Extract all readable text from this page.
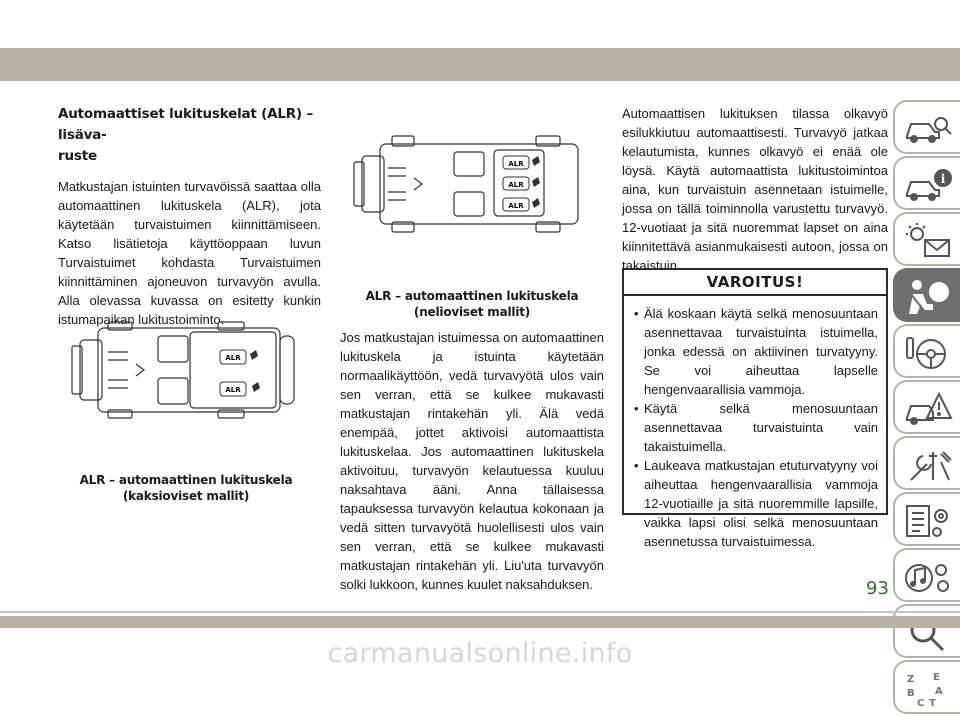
Automaattiset lukituskelat (ALR) – lisäva-
ruste

Matkustajan istuinten turvavöissä saattaa olla automaattinen lukituskela (ALR), jota käytetään turvaistuimen kiinnittämiseen. Katso lisätietoja käyttöoppaan luvun Turvaistuimet kohdasta Turvaistuimen kiinnittäminen ajoneuvon turvavyön avulla. Alla olevassa kuvassa on esitetty kunkin istumapaikan lukitustoiminto.

ALR
ALR
ALR – automaattinen lukituskela
(kaksioviset mallit)
ALR
ALR
ALR
ALR – automaattinen lukituskela
(nelioviset mallit)

Jos matkustajan istuimessa on automaattinen lukituskela ja istuinta käytetään normaalikäyttöön, vedä turvavyötä ulos vain sen verran, että se kulkee mukavasti matkustajan rintakehän yli. Älä vedä enempää, jottet aktivoisi automaattista lukituskelaa. Jos automaattinen lukituskela aktivoituu, turvavyön kelautuessa kuuluu naksahtava ääni. Anna tällaisessa tapauksessa turvavyön kelautua kokonaan ja vedä sitten turvavyötä huolellisesti ulos vain sen verran, että se kulkee mukavasti matkustajan rintakehän yli. Liu'uta turvavyön solki lukkoon, kunnes kuulet naksahduksen.

Automaattisen lukituksen tilassa olkavyö esilukkiutuu automaattisesti. Turvavyö jatkaa kelautumista, kunnes olkavyö ei enää ole löysä. Käytä automaattista lukitustoimintoa aina, kun turvaistuin asennetaan istuimelle, jossa on tällä toiminnolla varustettu turvavyö. 12-vuotiaat ja sitä nuoremmat lapset on aina kiinnitettävä asianmukaisesti autoon, jossa on takaistuin.

VAROITUS!
• Älä koskaan käytä selkä menosuuntaan asennettavaa turvaistuinta istuimella, jonka edessä on aktiivinen turvatyyny. Se voi aiheuttaa lapselle hengenvaarallisia vammoja.
• Käytä selkä menosuuntaan asennettavaa turvaistuinta vain takaistuimella.
• Laukeava matkustajan etuturvatyyny voi aiheuttaa hengenvaarallisia vammoja 12-vuotiaille ja sitä nuoremmille lapsille, vaikka lapsi olisi selkä menosuuntaan asennetussa turvaistuimessa.
i
Z E
B A
C T
93
carmanualsonline.info
